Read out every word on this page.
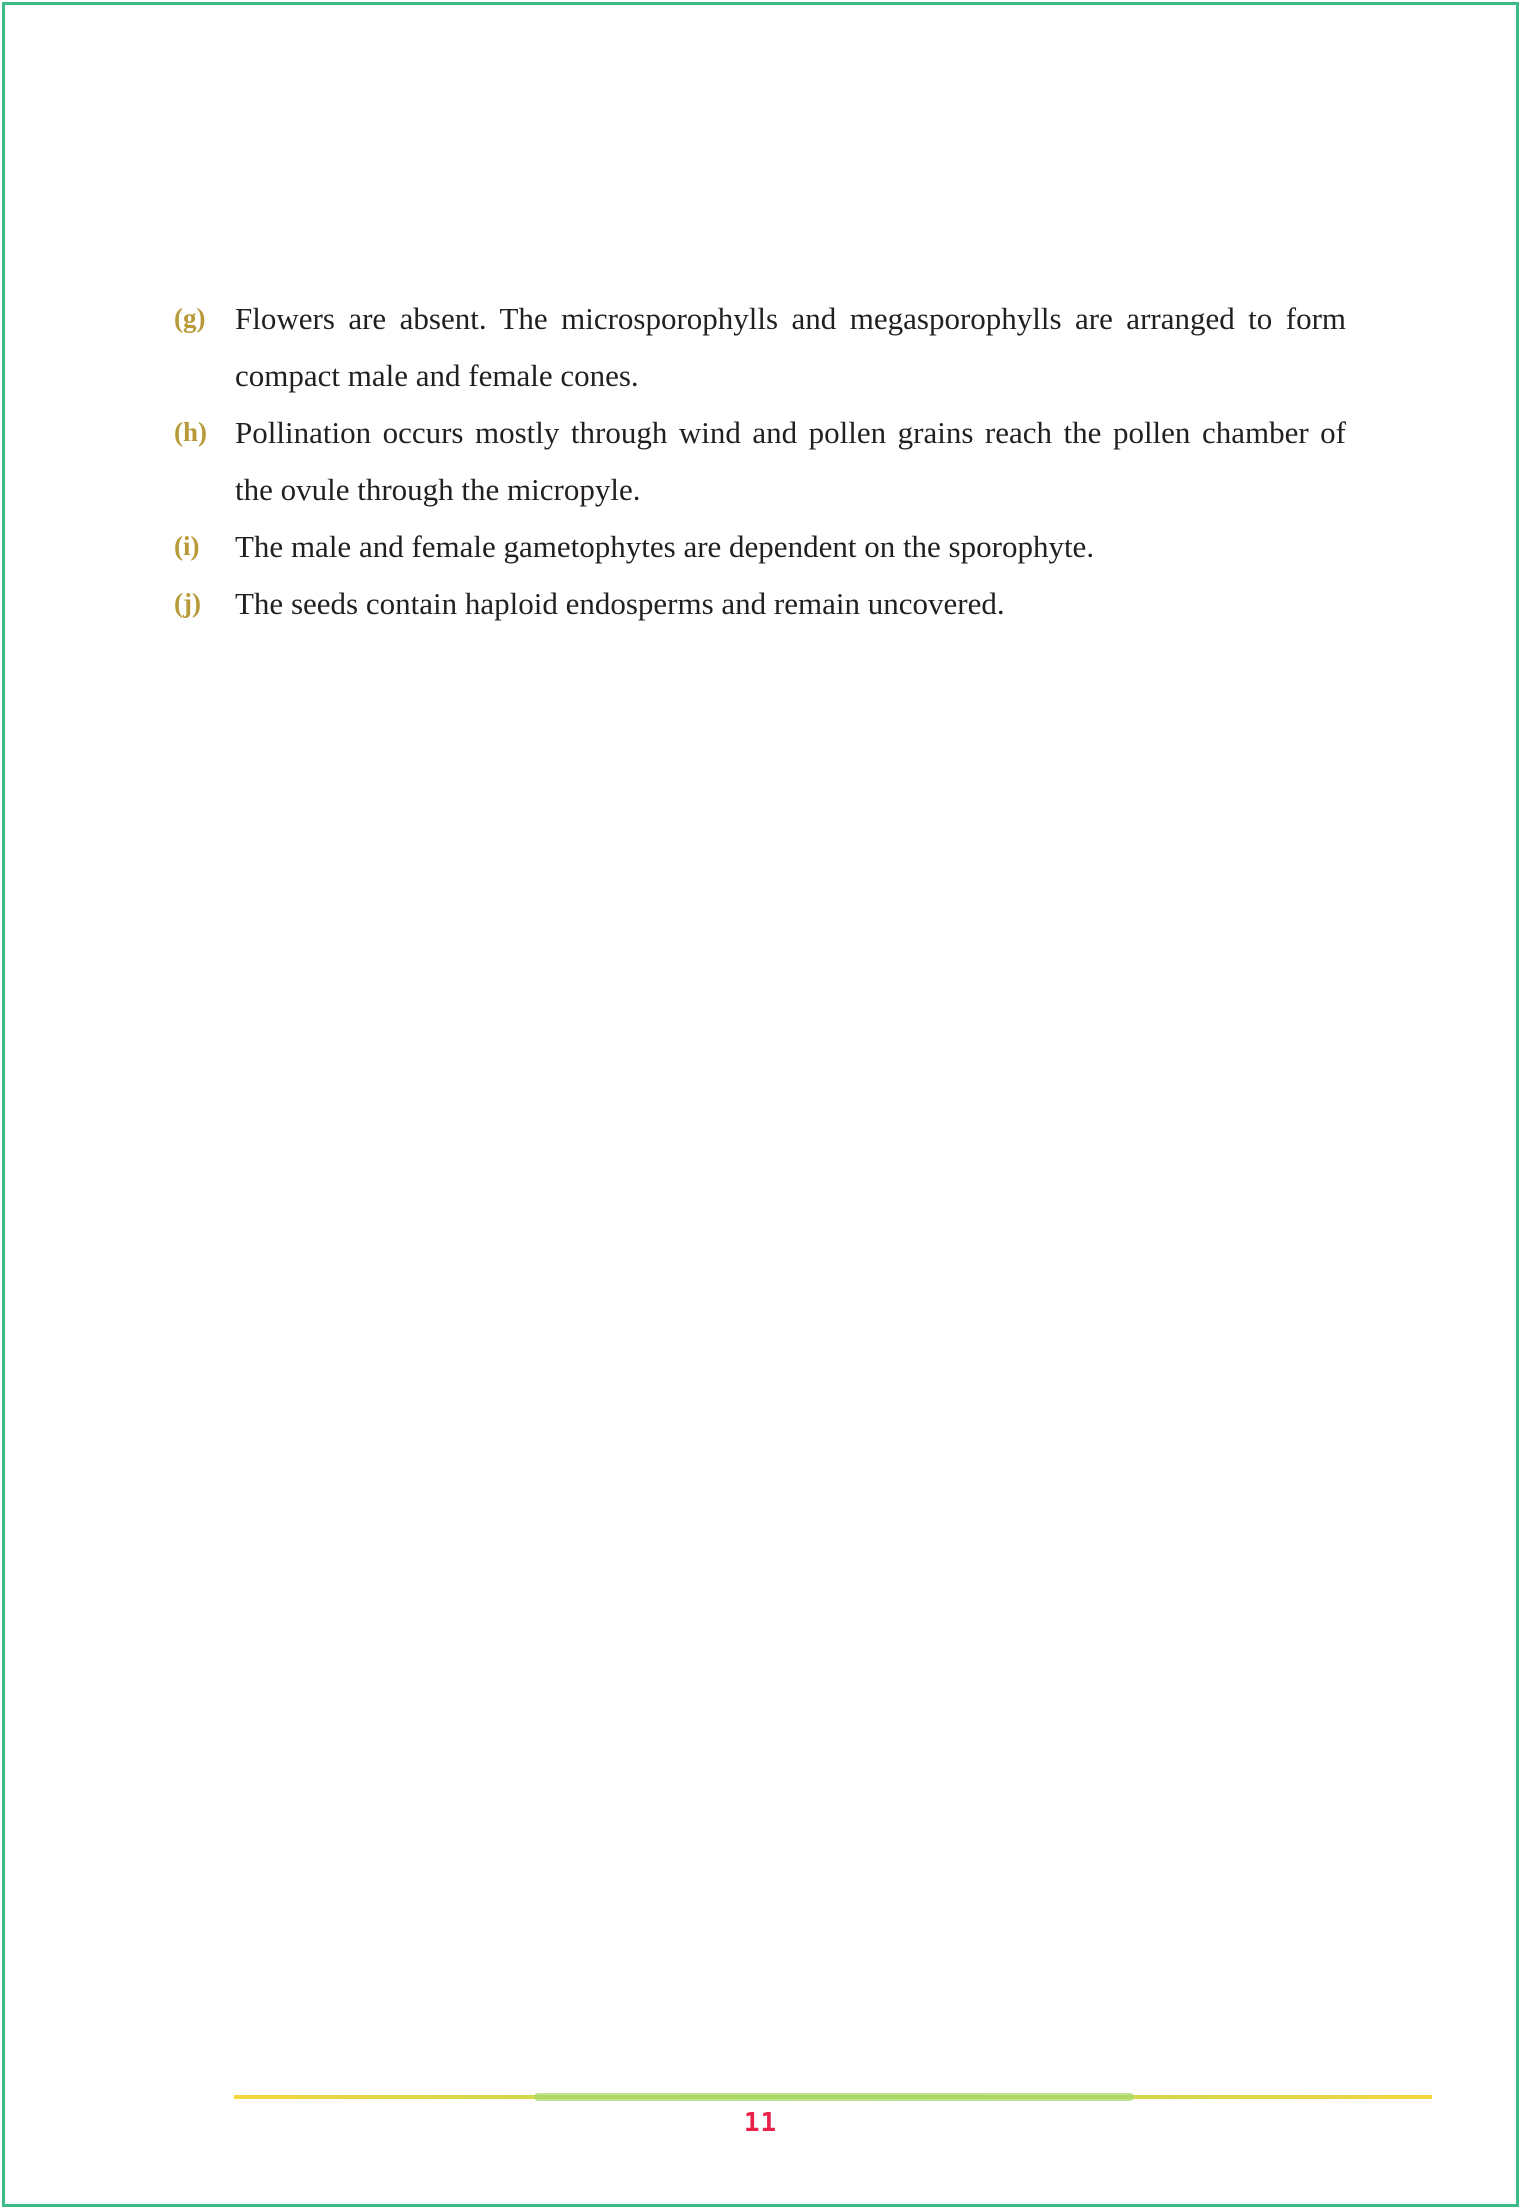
(g) Flowers are absent. The microsporophylls and megasporophylls are arranged to form compact male and female cones.
(h) Pollination occurs mostly through wind and pollen grains reach the pollen chamber of the ovule through the micropyle.
(i)	The male and female gametophytes are dependent on the sporophyte.
(j)	The seeds contain haploid endosperms and remain uncovered.
11
